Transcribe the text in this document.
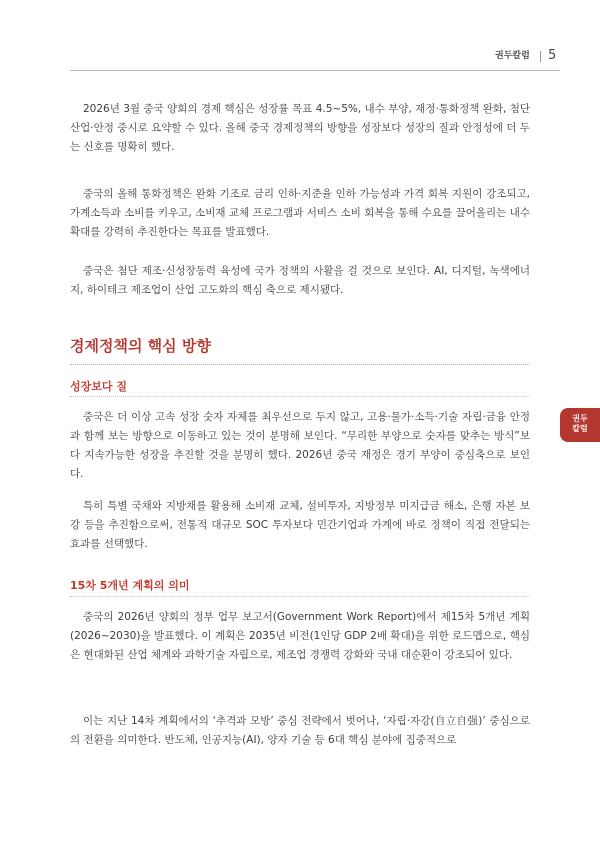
권두칼럼 5
권두
칼럼

2026년 3월 중국 양회의 경제 핵심은 성장률 목표 4.5~5%, 내수 부양, 재정·통화정책 완화, 첨단산업·안정 중시로 요약할 수 있다. 올해 중국 경제정책의 방향을 성장보다 성장의 질과 안정성에 더 두는 신호를 명확히 했다.

중국의 올해 통화정책은 완화 기조로 금리 인하·지준율 인하 가능성과 가격 회복 지원이 강조되고, 가계소득과 소비를 키우고, 소비재 교체 프로그램과 서비스 소비 회복을 통해 수요를 끌어올리는 내수 확대를 강력히 추진한다는 목표를 발표했다.

중국은 첨단 제조·신성장동력 육성에 국가 정책의 사활을 걸 것으로 보인다. AI, 디지털, 녹색에너지, 하이테크 제조업이 산업 고도화의 핵심 축으로 제시됐다.

경제정책의 핵심 방향
성장보다 질

중국은 더 이상 고속 성장 숫자 자체를 최우선으로 두지 않고, 고용·물가·소득·기술 자립·금융 안정과 함께 보는 방향으로 이동하고 있는 것이 분명해 보인다. “무리한 부양으로 숫자를 맞추는 방식”보다 지속가능한 성장을 추진할 것을 분명히 했다. 2026년 중국 재정은 경기 부양이 중심축으로 보인다.

특히 특별 국채와 지방채를 활용해 소비재 교체, 설비투자, 지방정부 미지급금 해소, 은행 자본 보강 등을 추진함으로써, 전통적 대규모 SOC 투자보다 민간기업과 가계에 바로 정책이 직접 전달되는 효과를 선택했다.

15차 5개년 계획의 의미

중국의 2026년 양회의 정부 업무 보고서(Government Work Report)에서 제15차 5개년 계획(2026~2030)을 발표했다. 이 계획은 2035년 비전(1인당 GDP 2배 확대)을 위한 로드맵으로, 핵심은 현대화된 산업 체계와 과학기술 자립으로, 제조업 경쟁력 강화와 국내 대순환이 강조되어 있다.

이는 지난 14차 계획에서의 ‘추격과 모방’ 중심 전략에서 벗어나, ‘자립·자강(自立自强)’ 중심으로의 전환을 의미한다. 반도체, 인공지능(AI), 양자 기술 등 6대 핵심 분야에 집중적으로
